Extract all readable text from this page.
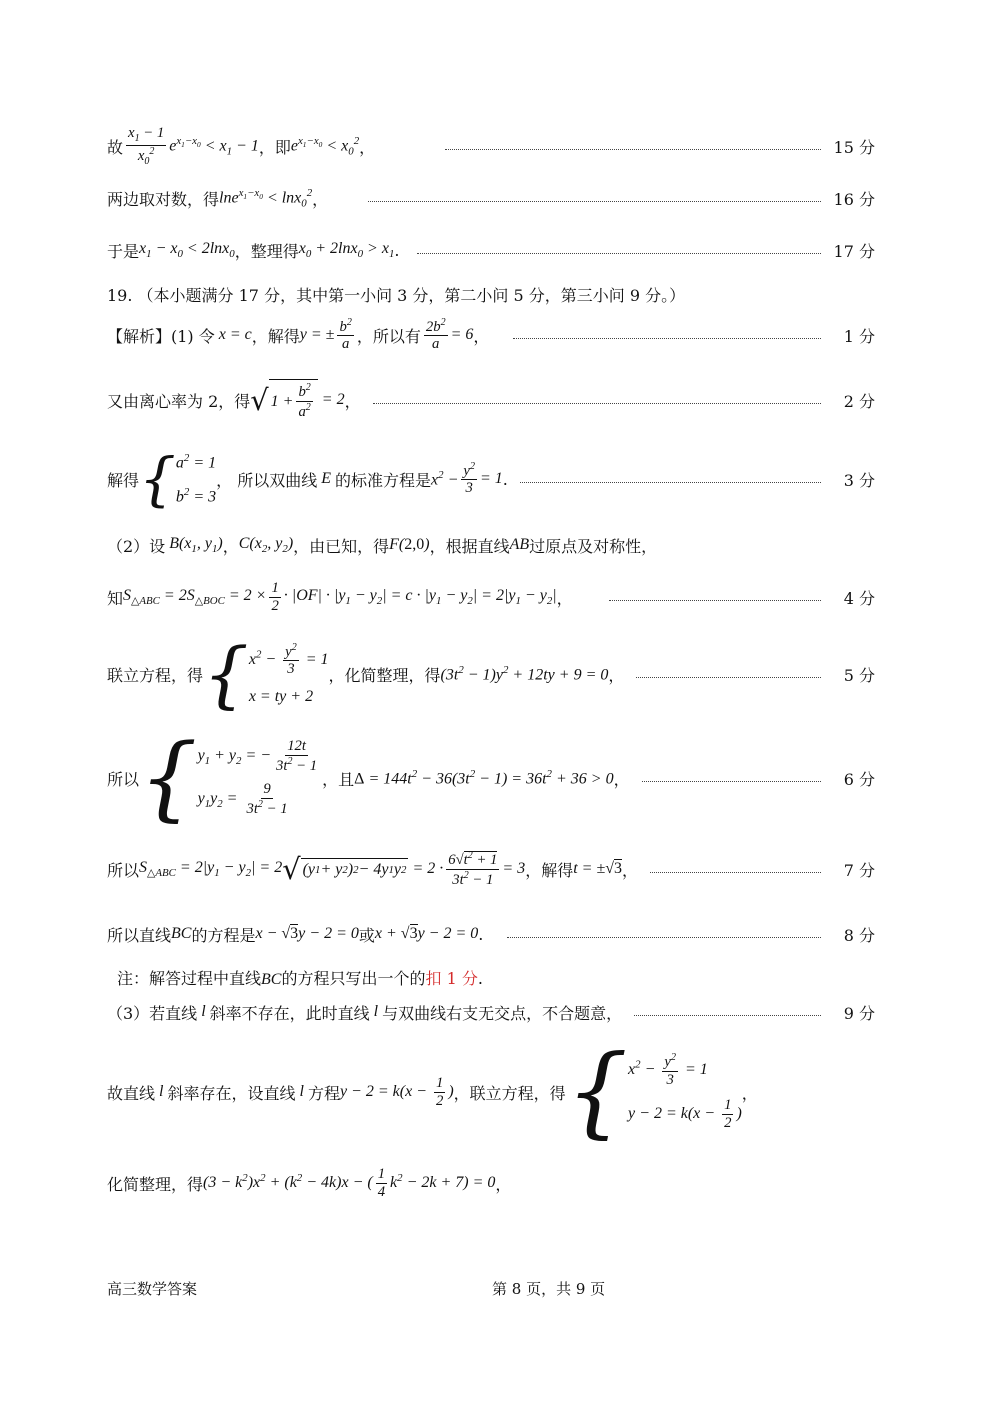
故 $\frac{x_1 - 1}{x_0^2} e^{x_1-x_0} < x_1 - 1$ ，即 $e^{x_1-x_0} < x_0^2$ ，	15 分
两边取对数，得 lne$^{x_1-x_0}$ < lnx$_0^2$ ，	16 分
于是 $x_1 - x_0 < 2\ln x_0$ ，整理得 $x_0 + 2\ln x_0 > x_1$ .	17 分
19. （本小题满分 17 分，其中第一小问 3 分，第二小问 5 分，第三小问 9 分。）
【解析】(1) 令 x = c ，解得 y = ± $\frac{b^2}{a}$ ，所以有 $\frac{2b^2}{a} = 6$ ，	1 分
又由离心率为 2，得 √ $1 + \frac{b^2}{a^2} = 2$ ，	2 分
解得 { $a^2 = 1$
$b^2 = 3$
， 所以双曲线 E 的标准方程是 $x^2 - \frac{y^2}{3} = 1$ .	3 分
（2）设 $B(x_1$, $y_1$) ， $C(x_2$, $y_2$) ，由已知，得 F(2,0) ，根据直线 AB 过原点及对称性，
知 $S_{\triangle ABC} = 2S_{\triangle BOC} = 2 \times \frac{1}{2} \cdot |OF| \cdot |y_1 - y_2| = c \cdot |y_1 - y_2| = 2|y_1 - y_2|$ ，	4 分
联立方程，得 { $x^2 - \frac{y^2}{3} = 1$
x = ty + 2
，化简整理，得 $(3t^2 - 1)y^2 + 12ty + 9 = 0$ ，	5 分
所以 { $y_1 + y_2$ = − $\frac{12t}{3t^2 - 1}$
$y_1y_2 = \frac{9}{3t^2 - 1}$
，且 $\Delta = 144t^2 - 36(3t^2 - 1) = 36t^2 + 36 > 0$ ，	6 分
所以 $S_{\triangle ABC} = 2|y_1 - y_2| = 2$ √ (y 1 + y 2 ) 2 − 4y 1 y $2 = 2 \cdot \frac{6√t^2 + 1}{3t^2 - 1} = 3$ ，解得 t = ±√3 ，	7 分
所以直线 BC 的方程是 x − √3y − 2 = 0 或 x + √3y − 2 = 0 .	8 分
注：解答过程中直线BC的方程只写出一个的扣 1 分.
（3）若直线 l 斜率不存在，此时直线 l 与双曲线右支无交点，不合题意，	9 分
故直线 l 斜率存在，设直线 l 方程 $y - 2 = k(x - \frac{1}{2}$ ) ，联立方程，得 { $x^2 - \frac{y^2}{3} = 1$
$y - 2 = k(x - \frac{1}{2}$ )
，
化简整理，得 $(3 - k^2)x^2 + (k^2 - 4k)x$ − ( $\frac{1}{4} k^2 - 2k + 7) = 0$ ，
高三数学答案	第 8 页，共 9 页
